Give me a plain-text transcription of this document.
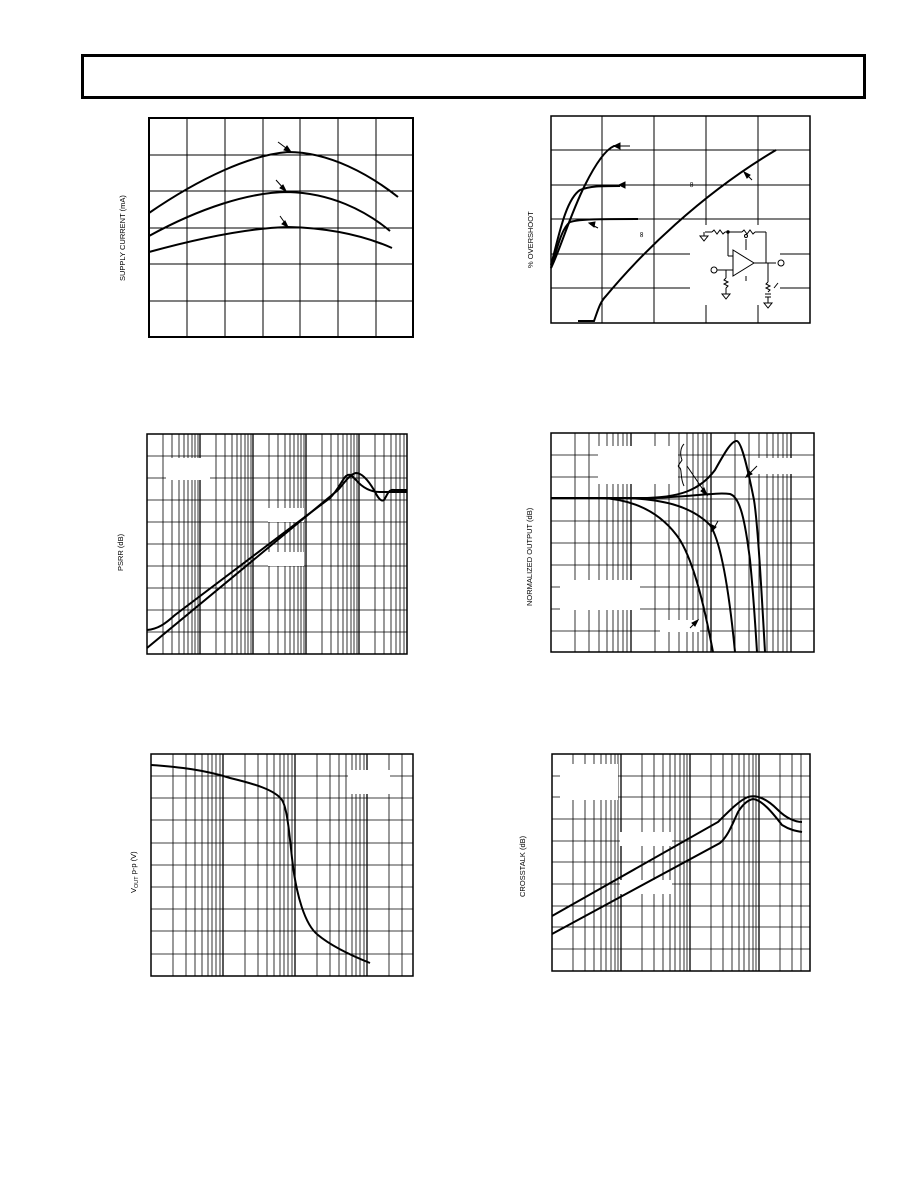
SUPPLY CURRENT (mA)
∞
∞
% OVERSHOOT
PSRR (dB)	NORMALIZED OUTPUT (dB)
$V_{OUT}$ p-p (V)	CROSSTALK (dB)
